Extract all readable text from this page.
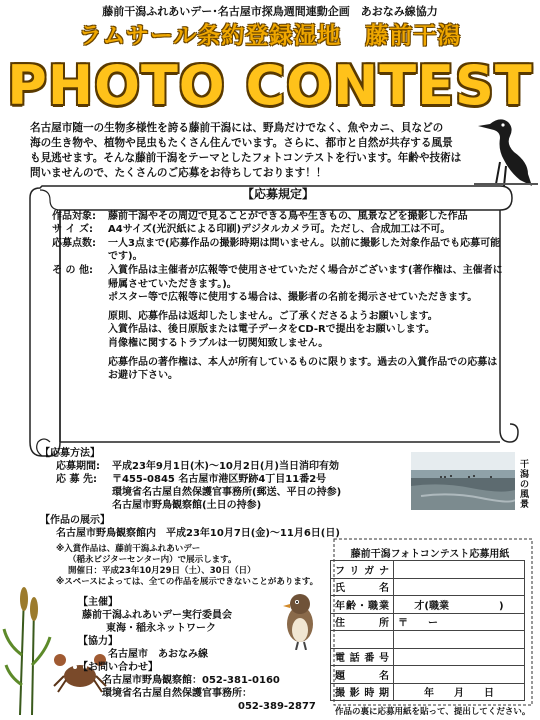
藤前干潟ふれあいデー･名古屋市探鳥週間連動企画　あおなみ線協力
ラムサール条約登録湿地　藤前干潟
PHOTO CONTEST
名古屋市随一の生物多様性を誇る藤前干潟には、野鳥だけでなく、魚やカニ、貝などの
海の生き物や、植物や昆虫もたくさん住んでいます。さらに、都市と自然が共存する風景
も見逃せます。そんな藤前干潟をテーマとしたフォトコンテストを行います。年齢や技術は
問いませんので、たくさんのご応募をお待ちしております！！
【応募規定】
作品対象:	藤前干潟やその周辺で見ることができる鳥や生きもの、風景などを撮影した作品
サ イ ズ:	A4サイズ(光沢紙による印刷)デジタルカメラ可。ただし、合成加工は不可。
応募点数:	一人3点まで(応募作品の撮影時期は問いません。以前に撮影した対象作品でも応募可能です)。
そ の 他:	入賞作品は主催者が広報等で使用させていただく場合がございます(著作権は、主催者に帰属させていただきます。)。
ポスター等で広報等に使用する場合は、撮影者の名前を掲示させていただきます。
原則、応募作品は返却したしません。ご了承くださるようお願いします。
入賞作品は、後日原版または電子データをCD-Rで提出をお願いします。
肖像権に関するトラブルは一切関知致しません。
応募作品の著作権は、本人が所有しているものに限ります。過去の入賞作品での応募はお避け下さい。
【応募方法】
応募期間:	平成23年9月1日(木)～10月2日(月)当日消印有効
応 募 先:	〒455-0845 名古屋市港区野跡4丁目11番2号
環境省名古屋自然保護官事務所(郵送、平日の持参)
名古屋市野鳥観察館(土日の持参)
干潟の風景
【作品の展示】
名古屋市野鳥観察館内　平成23年10月7日(金)～11月6日(日)
※入賞作品は、藤前干潟ふれあいデー
（稲永ビジターセンター内）で展示します。
開催日：平成23年10月29日（土）、30日（日）
※スペースによっては、全ての作品を展示できないことがあります。
【主催】
藤前干潟ふれあいデー実行委員会
東海・稲永ネットワーク
【協力】
名古屋市　あおなみ線
【お問い合わせ】
名古屋市野鳥観察館：052-381-0160
環境省名古屋自然保護官事務所：
052-389-2877
藤前干潟フォトコンテスト応募用紙
フリガナ	
氏名	
年齢・職業	才(職業　　　　　)
住所	〒　　ー

電話番号	
題名	
撮影時期	年　　月　　日
作品の裏に応募用紙を貼って、提出してください。
